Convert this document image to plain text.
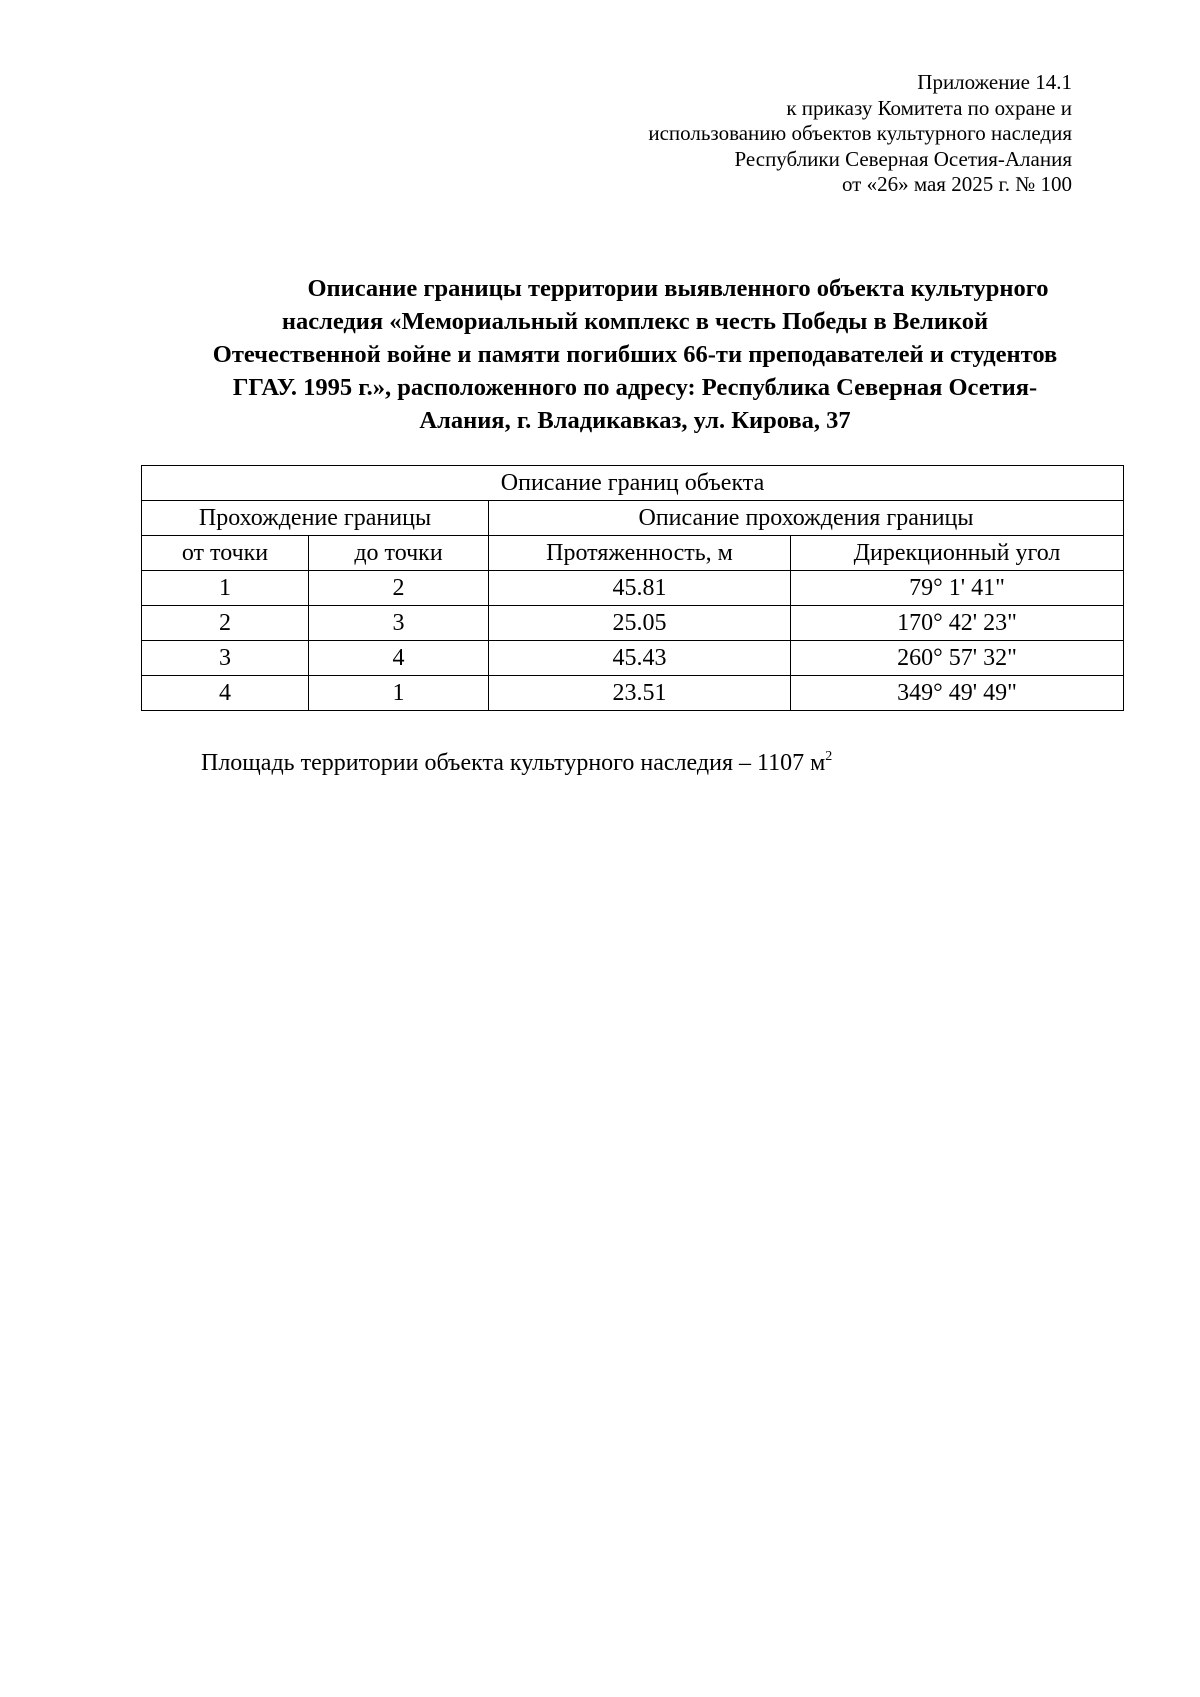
Приложение 14.1
к приказу Комитета по охране и
использованию объектов культурного наследия
Республики Северная Осетия-Алания
от «26» мая 2025 г. № 100
Описание границы территории выявленного объекта культурного
наследия «Мемориальный комплекс в честь Победы в Великой
Отечественной войне и памяти погибших 66-ти преподавателей и студентов
ГГАУ. 1995 г.», расположенного по адресу: Республика Северная Осетия-
Алания, г. Владикавказ, ул. Кирова, 37
Описание границ объекта			
Прохождение границы		Описание прохождения границы	
от точки	до точки	Протяженность, м	Дирекционный угол
1	2	45.81	79° 1' 41"
2	3	25.05	170° 42' 23"
3	4	45.43	260° 57' 32"
4	1	23.51	349° 49' 49"
Площадь территории объекта культурного наследия – 1107 $м^2$
